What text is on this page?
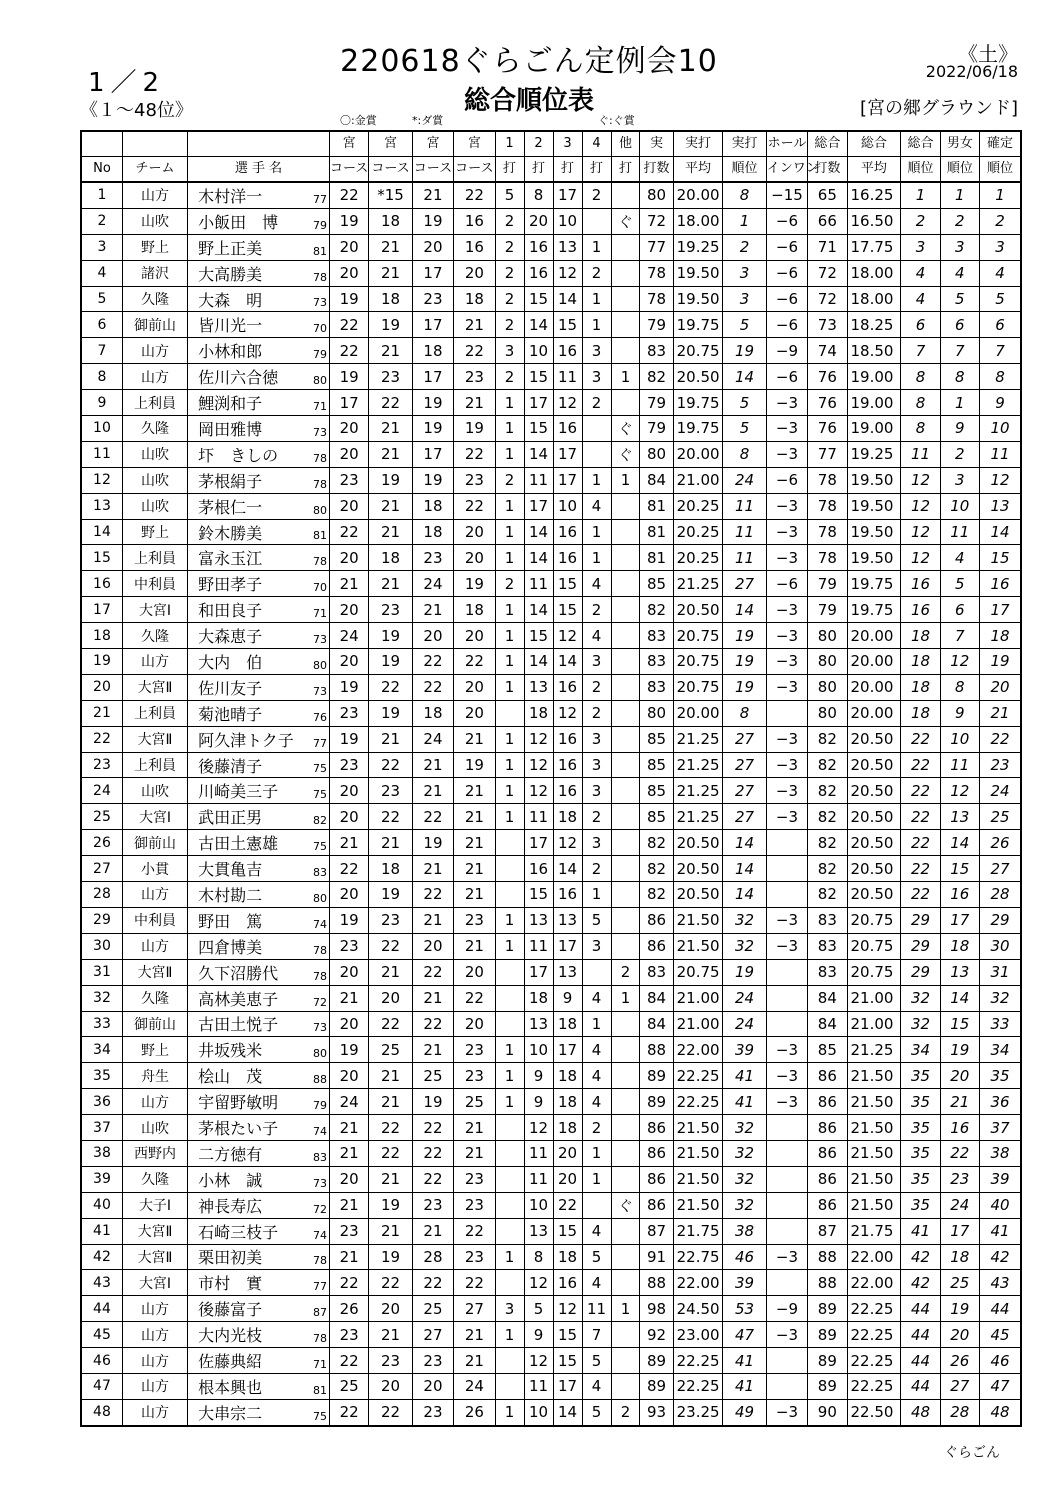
220618ぐらごん定例会10
総合順位表
1／2
《１～48位》
《土》
2022/06/18
[宮の郷グラウンド]
〇:金賞	*:ダ賞	ぐ:ぐ賞
			宮	宮	宮	宮	1	2	3	4	他	実	実打	実打	ホール	総合	総合	総合	男女	確定
No	チーム	選 手 名	コース	コース	コース	コース	打	打	打	打	打	打数	平均	順位	インワン	打数	平均	順位	順位	順位
1	山方	木村洋一 77	22	*15	21	22	5	8	17	2		80	20.00	8	−15	65	16.25	1	1	1
2	山吹	小飯田　博 79	19	18	19	16	2	20	10		ぐ	72	18.00	1	−6	66	16.50	2	2	2
3	野上	野上正美 81	20	21	20	16	2	16	13	1		77	19.25	2	−6	71	17.75	3	3	3
4	諸沢	大高勝美 78	20	21	17	20	2	16	12	2		78	19.50	3	−6	72	18.00	4	4	4
5	久隆	大森　明 73	19	18	23	18	2	15	14	1		78	19.50	3	−6	72	18.00	4	5	5
6	御前山	皆川光一 70	22	19	17	21	2	14	15	1		79	19.75	5	−6	73	18.25	6	6	6
7	山方	小林和郎 79	22	21	18	22	3	10	16	3		83	20.75	19	−9	74	18.50	7	7	7
8	山方	佐川六合徳 80	19	23	17	23	2	15	11	3	1	82	20.50	14	−6	76	19.00	8	8	8
9	上利員	鯉渕和子 71	17	22	19	21	1	17	12	2		79	19.75	5	−3	76	19.00	8	1	9
10	久隆	岡田雅博 73	20	21	19	19	1	15	16		ぐ	79	19.75	5	−3	76	19.00	8	9	10
11	山吹	圷　きしの 78	20	21	17	22	1	14	17		ぐ	80	20.00	8	−3	77	19.25	11	2	11
12	山吹	茅根絹子 78	23	19	19	23	2	11	17	1	1	84	21.00	24	−6	78	19.50	12	3	12
13	山吹	茅根仁一 80	20	21	18	22	1	17	10	4		81	20.25	11	−3	78	19.50	12	10	13
14	野上	鈴木勝美 81	22	21	18	20	1	14	16	1		81	20.25	11	−3	78	19.50	12	11	14
15	上利員	富永玉江 78	20	18	23	20	1	14	16	1		81	20.25	11	−3	78	19.50	12	4	15
16	中利員	野田孝子 70	21	21	24	19	2	11	15	4		85	21.25	27	−6	79	19.75	16	5	16
17	大宮Ⅰ	和田良子 71	20	23	21	18	1	14	15	2		82	20.50	14	−3	79	19.75	16	6	17
18	久隆	大森恵子 73	24	19	20	20	1	15	12	4		83	20.75	19	−3	80	20.00	18	7	18
19	山方	大内　伯 80	20	19	22	22	1	14	14	3		83	20.75	19	−3	80	20.00	18	12	19
20	大宮Ⅱ	佐川友子 73	19	22	22	20	1	13	16	2		83	20.75	19	−3	80	20.00	18	8	20
21	上利員	菊池晴子 76	23	19	18	20		18	12	2		80	20.00	8		80	20.00	18	9	21
22	大宮Ⅱ	阿久津トク子 77	19	21	24	21	1	12	16	3		85	21.25	27	−3	82	20.50	22	10	22
23	上利員	後藤清子 75	23	22	21	19	1	12	16	3		85	21.25	27	−3	82	20.50	22	11	23
24	山吹	川崎美三子 75	20	23	21	21	1	12	16	3		85	21.25	27	−3	82	20.50	22	12	24
25	大宮Ⅰ	武田正男 82	20	22	22	21	1	11	18	2		85	21.25	27	−3	82	20.50	22	13	25
26	御前山	古田土憲雄 75	21	21	19	21		17	12	3		82	20.50	14		82	20.50	22	14	26
27	小貫	大貫亀吉 83	22	18	21	21		16	14	2		82	20.50	14		82	20.50	22	15	27
28	山方	木村勘二 80	20	19	22	21		15	16	1		82	20.50	14		82	20.50	22	16	28
29	中利員	野田　篤 74	19	23	21	23	1	13	13	5		86	21.50	32	−3	83	20.75	29	17	29
30	山方	四倉博美 78	23	22	20	21	1	11	17	3		86	21.50	32	−3	83	20.75	29	18	30
31	大宮Ⅱ	久下沼勝代 78	20	21	22	20		17	13		2	83	20.75	19		83	20.75	29	13	31
32	久隆	高林美恵子 72	21	20	21	22		18	9	4	1	84	21.00	24		84	21.00	32	14	32
33	御前山	古田土悦子 73	20	22	22	20		13	18	1		84	21.00	24		84	21.00	32	15	33
34	野上	井坂残米 80	19	25	21	23	1	10	17	4		88	22.00	39	−3	85	21.25	34	19	34
35	舟生	桧山　茂 88	20	21	25	23	1	9	18	4		89	22.25	41	−3	86	21.50	35	20	35
36	山方	宇留野敏明 79	24	21	19	25	1	9	18	4		89	22.25	41	−3	86	21.50	35	21	36
37	山吹	茅根たい子 74	21	22	22	21		12	18	2		86	21.50	32		86	21.50	35	16	37
38	西野内	二方徳有 83	21	22	22	21		11	20	1		86	21.50	32		86	21.50	35	22	38
39	久隆	小林　誠 73	20	21	22	23		11	20	1		86	21.50	32		86	21.50	35	23	39
40	大子Ⅰ	神長寿広 72	21	19	23	23		10	22		ぐ	86	21.50	32		86	21.50	35	24	40
41	大宮Ⅱ	石崎三枝子 74	23	21	21	22		13	15	4		87	21.75	38		87	21.75	41	17	41
42	大宮Ⅱ	栗田初美 78	21	19	28	23	1	8	18	5		91	22.75	46	−3	88	22.00	42	18	42
43	大宮Ⅰ	市村　實 77	22	22	22	22		12	16	4		88	22.00	39		88	22.00	42	25	43
44	山方	後藤富子 87	26	20	25	27	3	5	12	11	1	98	24.50	53	−9	89	22.25	44	19	44
45	山方	大内光枝 78	23	21	27	21	1	9	15	7		92	23.00	47	−3	89	22.25	44	20	45
46	山方	佐藤典紹 71	22	23	23	21		12	15	5		89	22.25	41		89	22.25	44	26	46
47	山方	根本興也 81	25	20	20	24		11	17	4		89	22.25	41		89	22.25	44	27	47
48	山方	大串宗二 75	22	22	23	26	1	10	14	5	2	93	23.25	49	−3	90	22.50	48	28	48
ぐらごん
